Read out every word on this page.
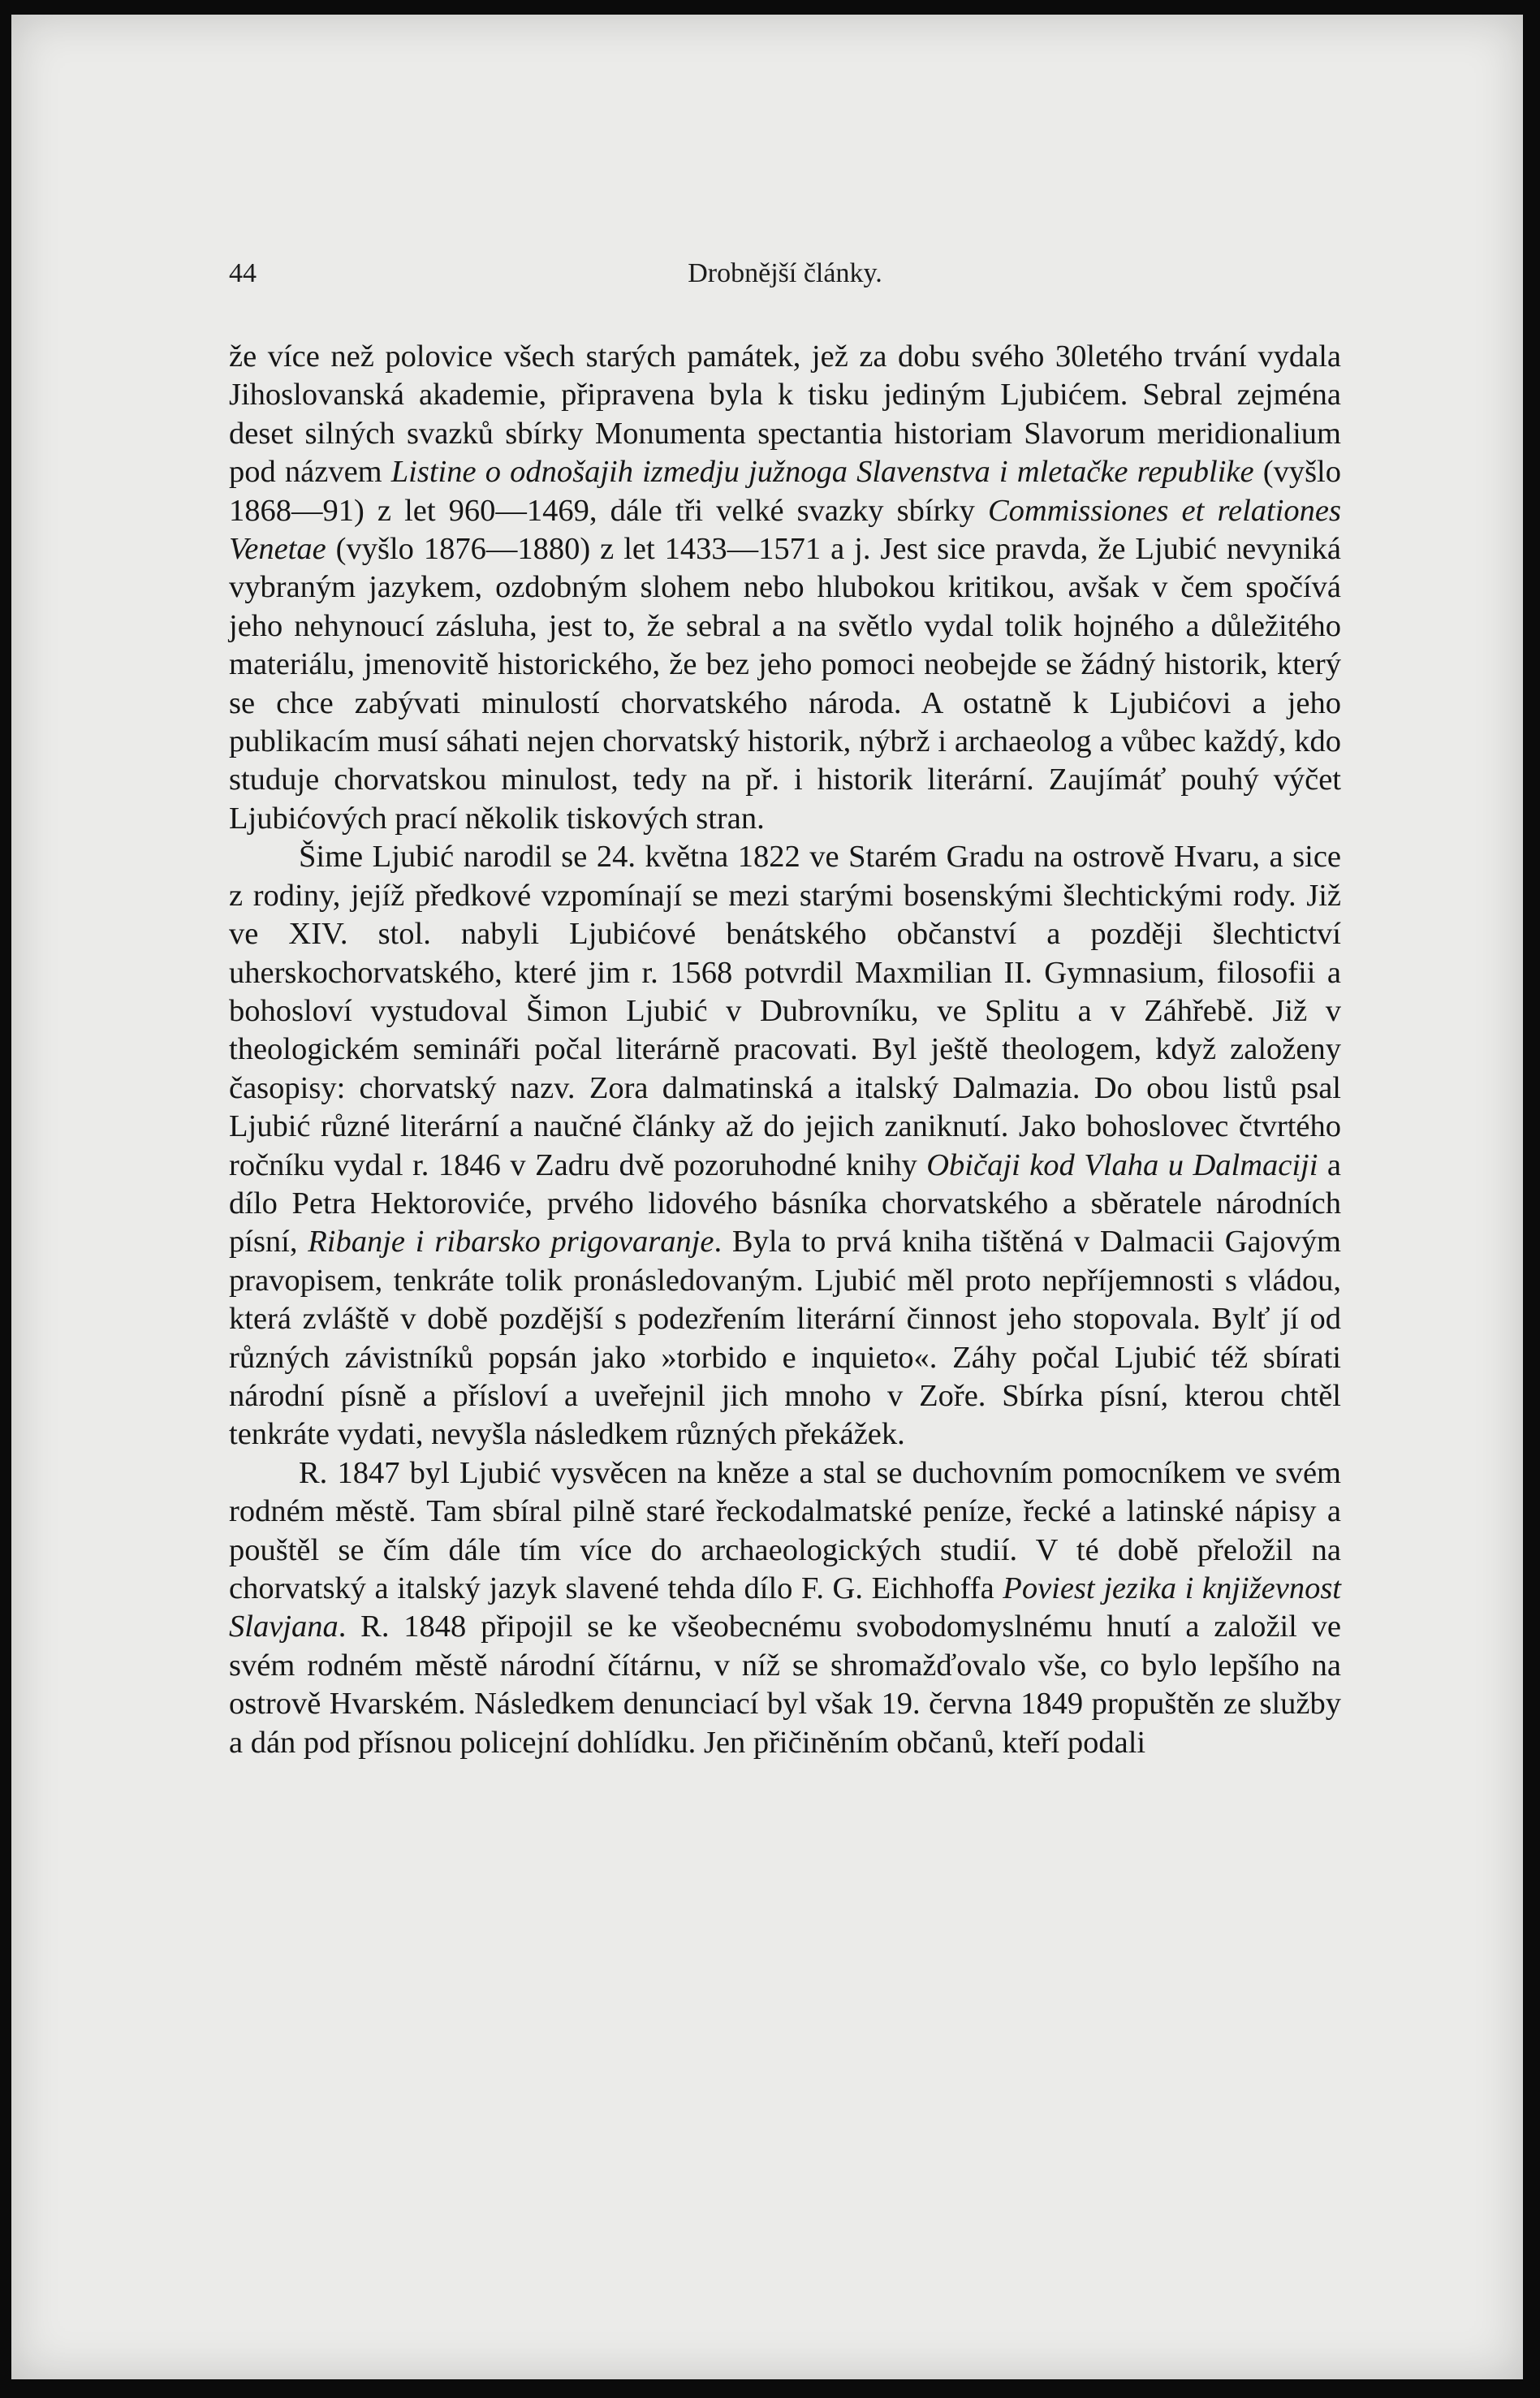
44	Drobnější články.

že více než polovice všech starých památek, jež za dobu svého 30letého trvání vydala Jihoslovanská akademie, připravena byla k tisku jediným Ljubićem. Sebral zejména deset silných svazků sbírky Monumenta spectantia historiam Slavorum meridionalium pod názvem Listine o odnošajih izmedju južnoga Slavenstva i mletačke republike (vyšlo 1868—91) z let 960—1469, dále tři velké svazky sbírky Commissiones et relationes Venetae (vyšlo 1876—1880) z let 1433—1571 a j. Jest sice pravda, že Ljubić nevyniká vybraným jazykem, ozdobným slohem nebo hlubokou kritikou, avšak v čem spočívá jeho nehynoucí zásluha, jest to, že sebral a na světlo vydal tolik hojného a důležitého materiálu, jmenovitě historického, že bez jeho pomoci neobejde se žádný historik, který se chce zabývati minulostí chorvatského národa. A ostatně k Ljubićovi a jeho publikacím musí sáhati nejen chorvatský historik, nýbrž i archaeolog a vůbec každý, kdo studuje chorvatskou minulost, tedy na př. i historik literární. Zaujímáť pouhý výčet Ljubićových prací několik tiskových stran.

Šime Ljubić narodil se 24. května 1822 ve Starém Gradu na ostrově Hvaru, a sice z rodiny, jejíž předkové vzpomínají se mezi starými bosenskými šlechtickými rody. Již ve XIV. stol. nabyli Ljubićové benátského občanství a později šlechtictví uherskochorvatského, které jim r. 1568 potvrdil Maxmilian II. Gymnasium, filosofii a bohosloví vystudoval Šimon Ljubić v Dubrovníku, ve Splitu a v Záhřebě. Již v theologickém semináři počal literárně pracovati. Byl ještě theologem, když založeny časopisy: chorvatský nazv. Zora dalmatinská a italský Dalmazia. Do obou listů psal Ljubić různé literární a naučné články až do jejich zaniknutí. Jako bohoslovec čtvrtého ročníku vydal r. 1846 v Zadru dvě pozoruhodné knihy Običaji kod Vlaha u Dalmaciji a dílo Petra Hektoroviće, prvého lidového básníka chorvatského a sběratele národních písní, Ribanje i ribarsko prigovaranje. Byla to prvá kniha tištěná v Dalmacii Gajovým pravopisem, tenkráte tolik pronásledovaným. Ljubić měl proto nepříjemnosti s vládou, která zvláště v době pozdější s podezřením literární činnost jeho stopovala. Bylť jí od různých závistníků popsán jako »torbido e inquieto«. Záhy počal Ljubić též sbírati národní písně a přísloví a uveřejnil jich mnoho v Zoře. Sbírka písní, kterou chtěl tenkráte vydati, nevyšla následkem různých překážek.

R. 1847 byl Ljubić vysvěcen na kněze a stal se duchovním pomocníkem ve svém rodném městě. Tam sbíral pilně staré řeckodalmatské peníze, řecké a latinské nápisy a pouštěl se čím dále tím více do archaeologických studií. V té době přeložil na chorvatský a italský jazyk slavené tehda dílo F. G. Eichhoffa Poviest jezika i književnost Slavjana. R. 1848 připojil se ke všeobecnému svobodomyslnému hnutí a založil ve svém rodném městě národní čítárnu, v níž se shromažďovalo vše, co bylo lepšího na ostrově Hvarském. Následkem denunciací byl však 19. června 1849 propuštěn ze služby a dán pod přísnou policejní dohlídku. Jen přičiněním občanů, kteří podali
